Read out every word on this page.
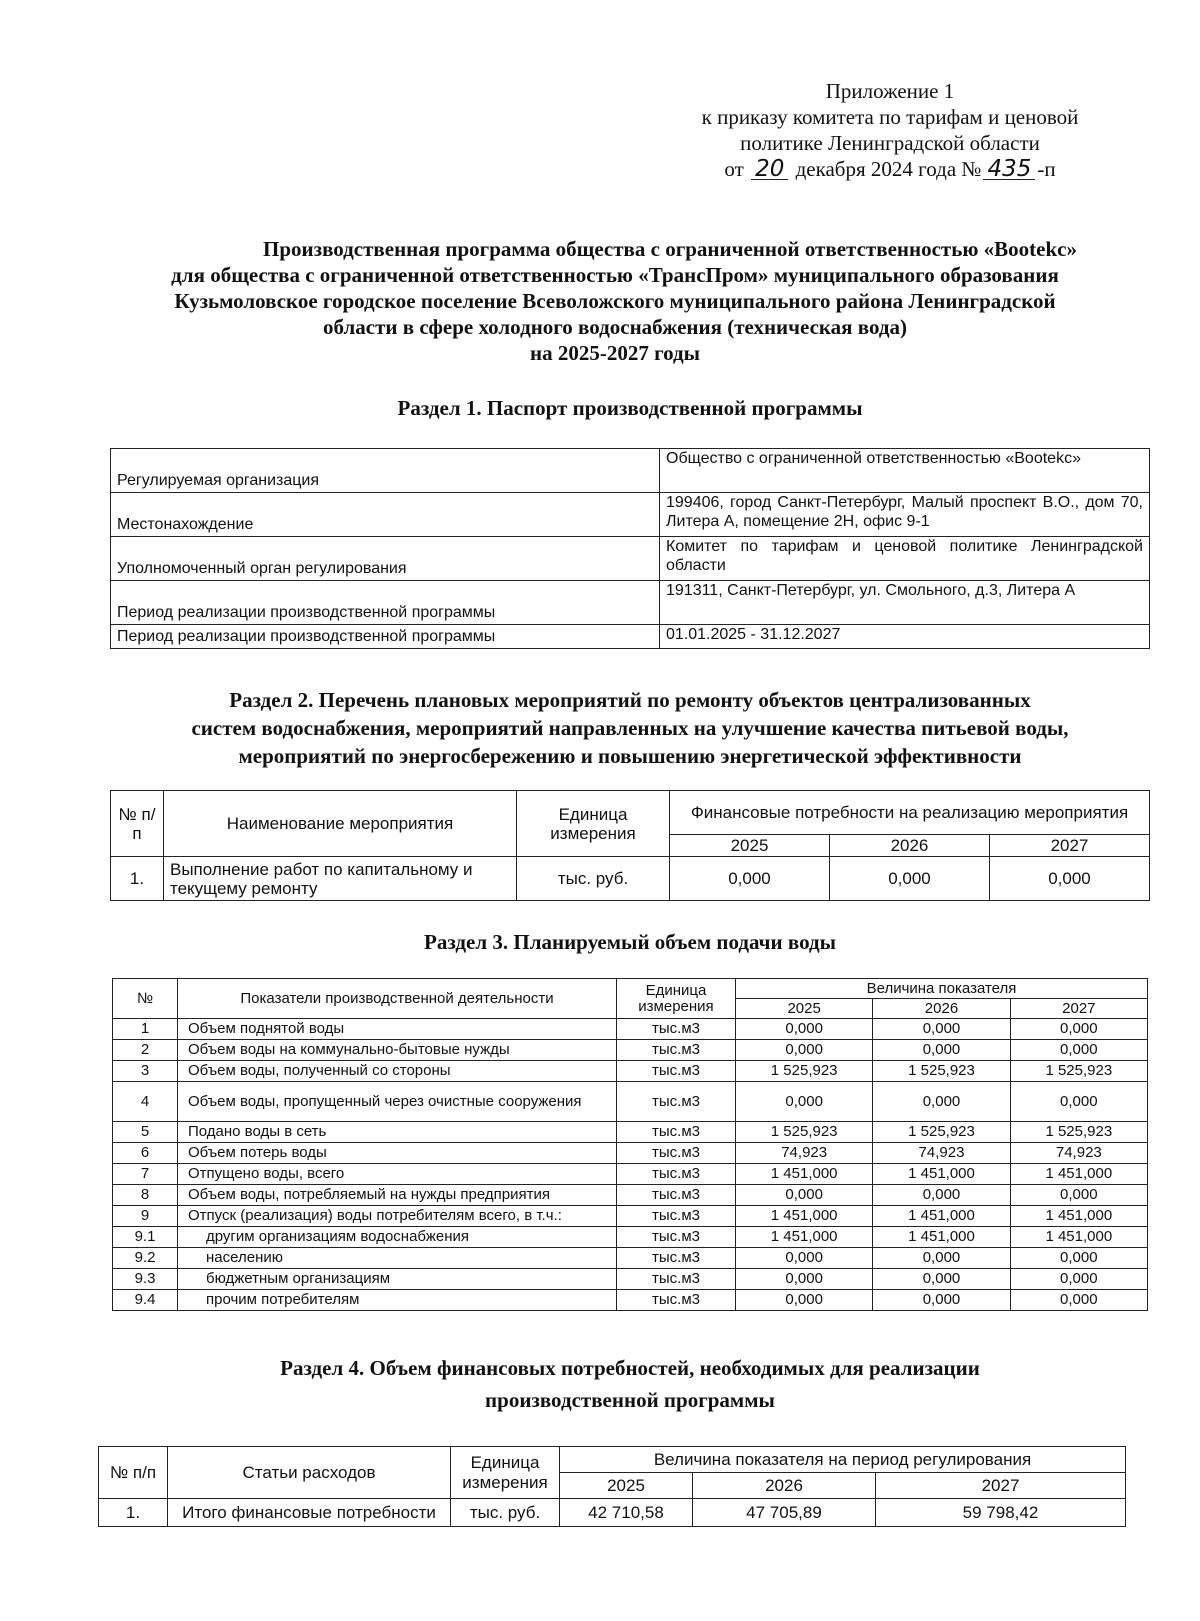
Приложение 1
к приказу комитета по тарифам и ценовой
политике Ленинградской области
от 20 декабря 2024 года № 435 -п
Производственная программа общества с ограниченной ответственностью «Вootekc»
для общества с ограниченной ответственностью «ТрансПром» муниципального образования
Кузьмоловское городское поселение Всеволожского муниципального района Ленинградской
области в сфере холодного водоснабжения (техническая вода)
на 2025-2027 годы
Раздел 1. Паспорт производственной программы
Регулируемая организация	Общество с ограниченной ответственностью «Вootekc»
Местонахождение	199406, город Санкт-Петербург, Малый проспект В.О., дом 70, Литера А, помещение 2Н, офис 9-1
Уполномоченный орган регулирования	Комитет по тарифам и ценовой политике Ленинградской области
Период реализации производственной программы	191311, Санкт-Петербург, ул. Смольного, д.3, Литера А
Период реализации производственной программы	01.01.2025 - 31.12.2027
Раздел 2. Перечень плановых мероприятий по ремонту объектов централизованных
систем водоснабжения, мероприятий направленных на улучшение качества питьевой воды,
мероприятий по энергосбережению и повышению энергетической эффективности
№ п/п	Наименование мероприятия	Единица измерения	Финансовые потребности на реализацию мероприятия		
			2025	2026	2027
1.	Выполнение работ по капитальному и текущему ремонту	тыс. руб.	0,000	0,000	0,000
Раздел 3. Планируемый объем подачи воды
№	Показатели производственной деятельности	Единица измерения	Величина показателя		
			2025	2026	2027
1	Объем поднятой воды	тыс.м3	0,000	0,000	0,000
2	Объем воды на коммунально-бытовые нужды	тыс.м3	0,000	0,000	0,000
3	Объем воды, полученный со стороны	тыс.м3	1 525,923	1 525,923	1 525,923
4	Объем воды, пропущенный через очистные сооружения	тыс.м3	0,000	0,000	0,000
5	Подано воды в сеть	тыс.м3	1 525,923	1 525,923	1 525,923
6	Объем потерь воды	тыс.м3	74,923	74,923	74,923
7	Отпущено воды, всего	тыс.м3	1 451,000	1 451,000	1 451,000
8	Объем воды, потребляемый на нужды предприятия	тыс.м3	0,000	0,000	0,000
9	Отпуск (реализация) воды потребителям всего, в т.ч.:	тыс.м3	1 451,000	1 451,000	1 451,000
9.1	другим организациям водоснабжения	тыс.м3	1 451,000	1 451,000	1 451,000
9.2	населению	тыс.м3	0,000	0,000	0,000
9.3	бюджетным организациям	тыс.м3	0,000	0,000	0,000
9.4	прочим потребителям	тыс.м3	0,000	0,000	0,000
Раздел 4. Объем финансовых потребностей, необходимых для реализации
производственной программы
№ п/п	Статьи расходов	Единица измерения	Величина показателя на период регулирования		
			2025	2026	2027
1.	Итого финансовые потребности	тыс. руб.	42 710,58	47 705,89	59 798,42
